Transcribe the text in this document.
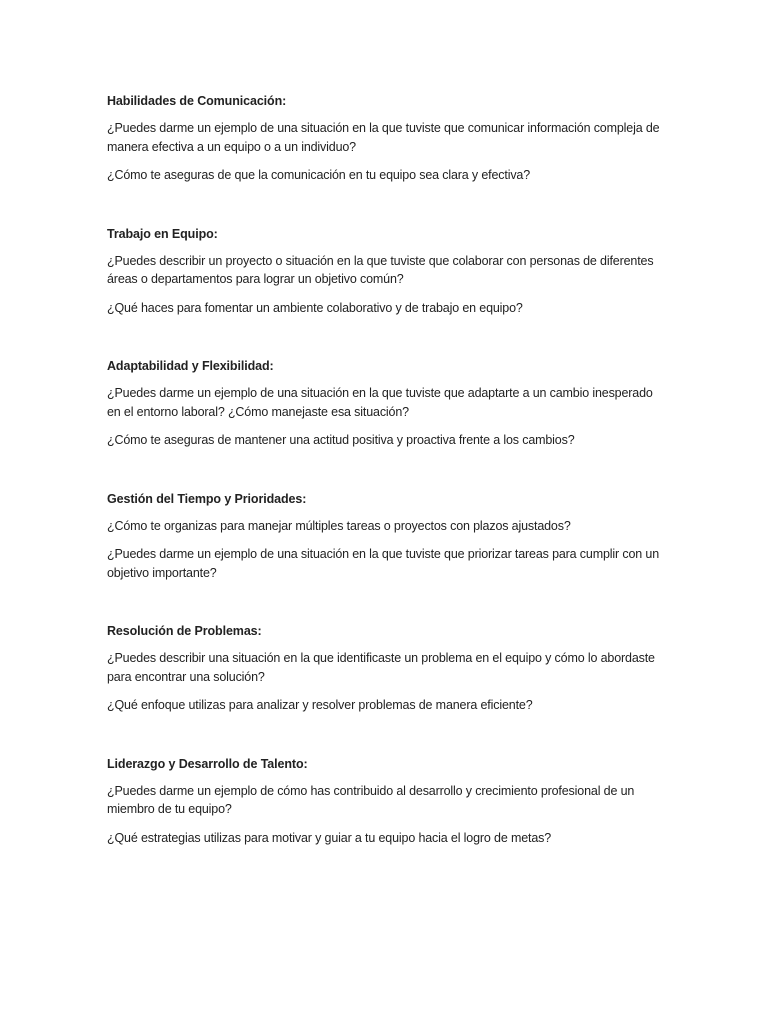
Habilidades de Comunicación:
¿Puedes darme un ejemplo de una situación en la que tuviste que comunicar información compleja de manera efectiva a un equipo o a un individuo?
¿Cómo te aseguras de que la comunicación en tu equipo sea clara y efectiva?
Trabajo en Equipo:
¿Puedes describir un proyecto o situación en la que tuviste que colaborar con personas de diferentes áreas o departamentos para lograr un objetivo común?
¿Qué haces para fomentar un ambiente colaborativo y de trabajo en equipo?
Adaptabilidad y Flexibilidad:
¿Puedes darme un ejemplo de una situación en la que tuviste que adaptarte a un cambio inesperado en el entorno laboral? ¿Cómo manejaste esa situación?
¿Cómo te aseguras de mantener una actitud positiva y proactiva frente a los cambios?
Gestión del Tiempo y Prioridades:
¿Cómo te organizas para manejar múltiples tareas o proyectos con plazos ajustados?
¿Puedes darme un ejemplo de una situación en la que tuviste que priorizar tareas para cumplir con un objetivo importante?
Resolución de Problemas:
¿Puedes describir una situación en la que identificaste un problema en el equipo y cómo lo abordaste para encontrar una solución?
¿Qué enfoque utilizas para analizar y resolver problemas de manera eficiente?
Liderazgo y Desarrollo de Talento:
¿Puedes darme un ejemplo de cómo has contribuido al desarrollo y crecimiento profesional de un miembro de tu equipo?
¿Qué estrategias utilizas para motivar y guiar a tu equipo hacia el logro de metas?
